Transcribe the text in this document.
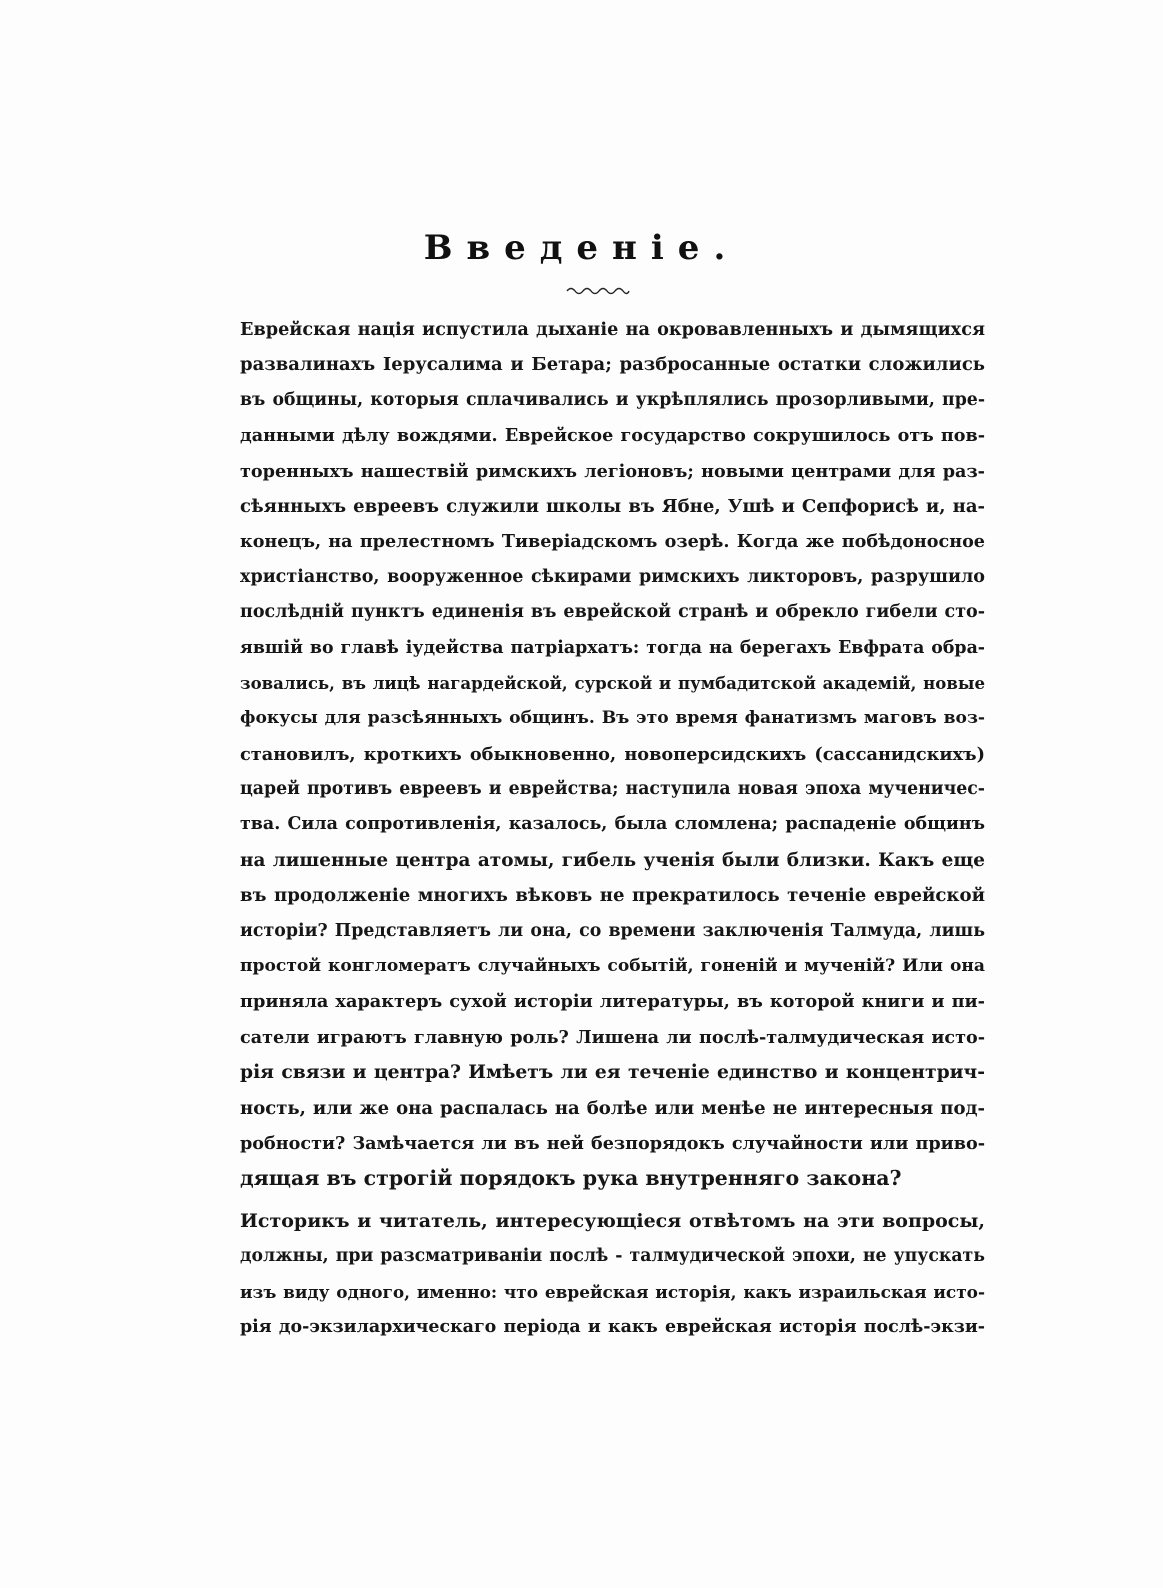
Введеніе.
Еврейская нація испустила дыханіе на окровавленныхъ и дымящихся
развалинахъ Іерусалима и Бетара; разбросанные остатки сложились
въ общины, которыя сплачивались и укрѣплялись прозорливыми, пре-
данными дѣлу вождями. Еврейское государство сокрушилось отъ пов-
торенныхъ нашествій римскихъ легіоновъ; новыми центрами для раз-
сѣянныхъ евреевъ служили школы въ Ябне, Ушѣ и Сепфорисѣ и, на-
конецъ, на прелестномъ Тиверіадскомъ озерѣ. Когда же побѣдоносное
христіанство, вооруженное сѣкирами римскихъ ликторовъ, разрушило
послѣдній пунктъ единенія въ еврейской странѣ и обрекло гибели сто-
явшій во главѣ іудейства патріархатъ: тогда на берегахъ Евфрата обра-
зовались, въ лицѣ нагардейской, сурской и пумбадитской академій, новые
фокусы для разсѣянныхъ общинъ. Въ это время фанатизмъ маговъ воз-
становилъ, кроткихъ обыкновенно, новоперсидскихъ (сассанидскихъ)
царей противъ евреевъ и еврейства; наступила новая эпоха мученичес-
тва. Сила сопротивленія, казалось, была сломлена; распаденіе общинъ
на лишенные центра атомы, гибель ученія были близки. Какъ еще
въ продолженіе многихъ вѣковъ не прекратилось теченіе еврейской
исторіи? Представляетъ ли она, со времени заключенія Талмуда, лишь
простой конгломератъ случайныхъ событій, гоненій и мученій? Или она
приняла характеръ сухой исторіи литературы, въ которой книги и пи-
сатели играютъ главную роль? Лишена ли послѣ-талмудическая исто-
рія связи и центра? Имѣетъ ли ея теченіе единство и концентрич-
ность, или же она распалась на болѣе или менѣе не интересныя под-
робности? Замѣчается ли въ ней безпорядокъ случайности или приво-
дящая въ строгій порядокъ рука внутренняго закона?
Историкъ и читатель, интересующіеся отвѣтомъ на эти вопросы,
должны, при разсматриваніи послѣ - талмудической эпохи, не упускать
изъ виду одного, именно: что еврейская исторія, какъ израильская исто-
рія до-экзилархическаго періода и какъ еврейская исторія послѣ-экзи-
